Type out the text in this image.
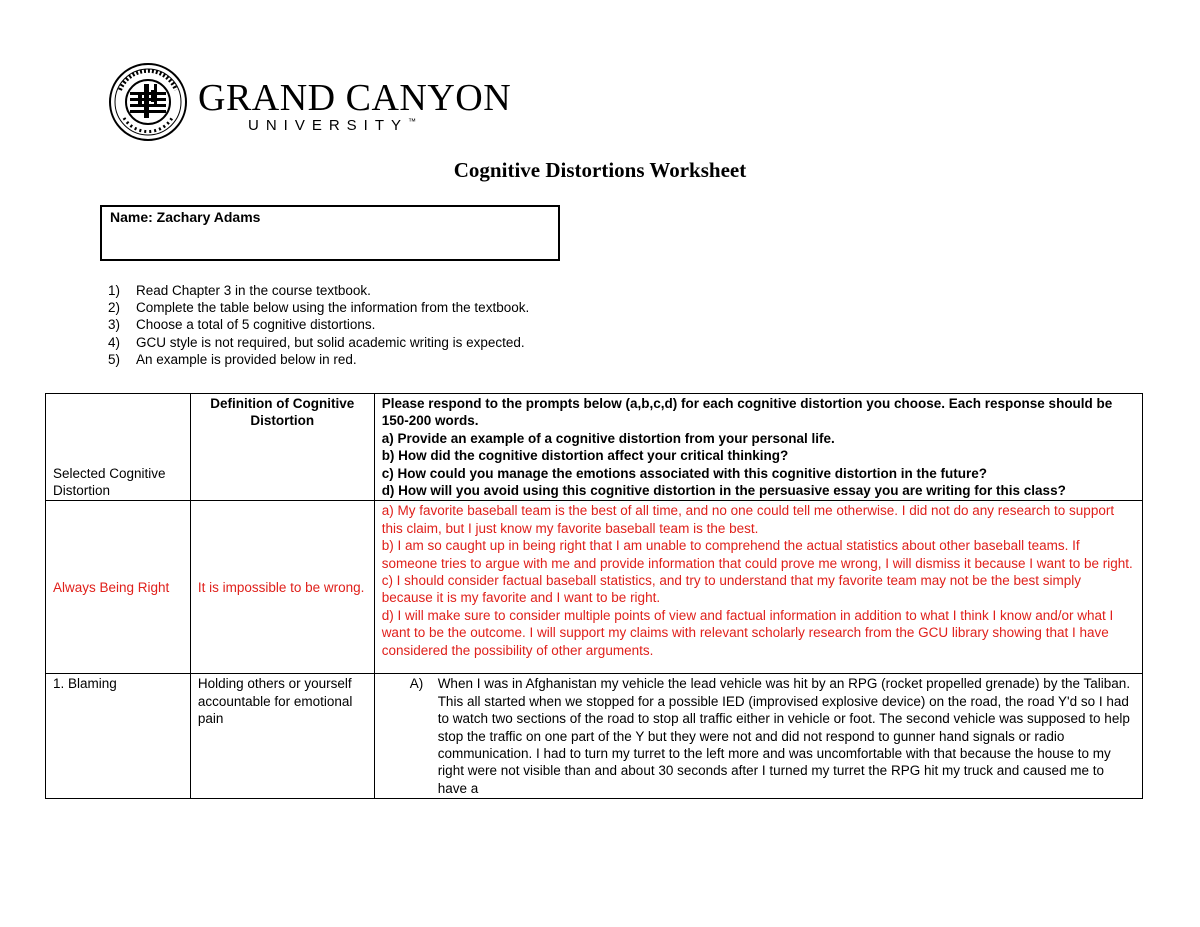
GRAND CANYON
UNIVERSITY™
Cognitive Distortions Worksheet
Name: Zachary Adams
1)	Read Chapter 3 in the course textbook.
2)	Complete the table below using the information from the textbook.
3)	Choose a total of 5 cognitive distortions.
4)	GCU style is not required, but solid academic writing is expected.
5)	An example is provided below in red.
Selected Cognitive Distortion	Definition of Cognitive Distortion	Please respond to the prompts below (a,b,c,d) for each cognitive distortion you choose. Each response should be 150-200 words.
a) Provide an example of a cognitive distortion from your personal life.
b) How did the cognitive distortion affect your critical thinking?
c) How could you manage the emotions associated with this cognitive distortion in the future?
d) How will you avoid using this cognitive distortion in the persuasive essay you are writing for this class?

Always Being Right	It is impossible to be wrong.	a) My favorite baseball team is the best of all time, and no one could tell me otherwise. I did not do any research to support this claim, but I just know my favorite baseball team is the best.
b) I am so caught up in being right that I am unable to comprehend the actual statistics about other baseball teams. If someone tries to argue with me and provide information that could prove me wrong, I will dismiss it because I want to be right.
c) I should consider factual baseball statistics, and try to understand that my favorite team may not be the best simply because it is my favorite and I want to be right.
d) I will make sure to consider multiple points of view and factual information in addition to what I think I know and/or what I want to be the outcome. I will support my claims with relevant scholarly research from the GCU library showing that I have considered the possibility of other arguments.

1. Blaming	Holding others or yourself accountable for emotional pain	A) When I was in Afghanistan my vehicle the lead vehicle was hit by an RPG (rocket propelled grenade) by the Taliban. This all started when we stopped for a possible IED (improvised explosive device) on the road, the road Y'd so I had to watch two sections of the road to stop all traffic either in vehicle or foot. The second vehicle was supposed to help stop the traffic on one part of the Y but they were not and did not respond to gunner hand signals or radio communication. I had to turn my turret to the left more and was uncomfortable with that because the house to my right were not visible than and about 30 seconds after I turned my turret the RPG hit my truck and caused me to have a
